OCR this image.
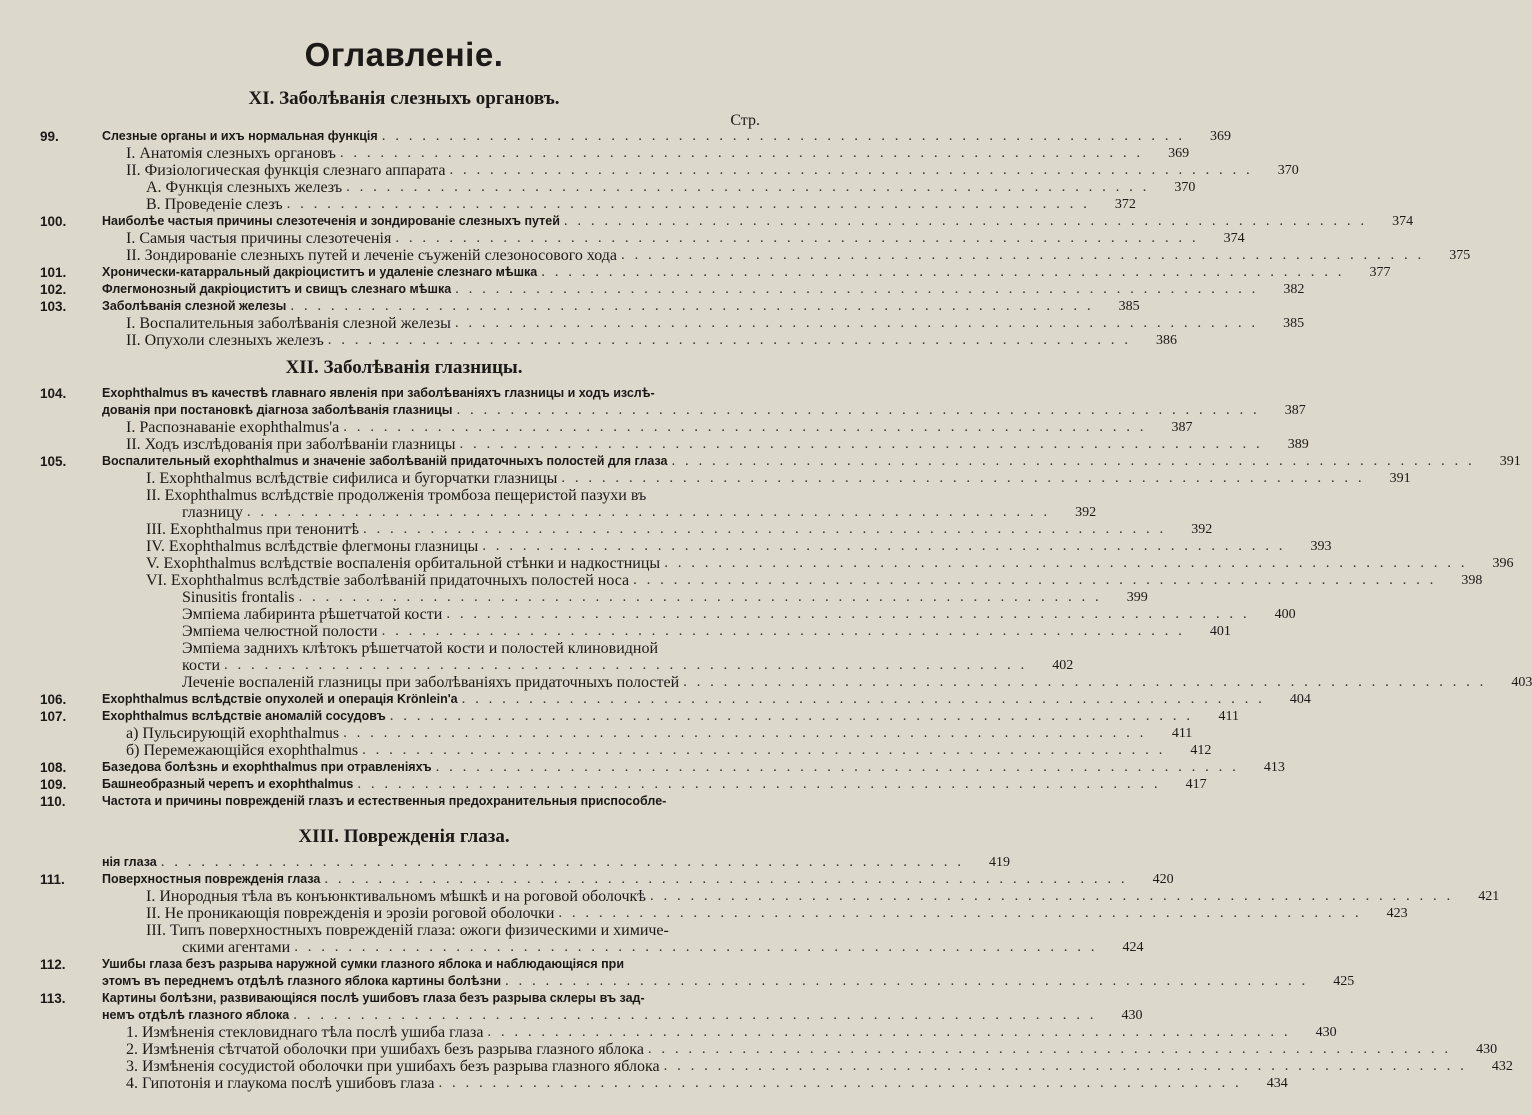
Оглавленіе.
XI. Заболѣванія слезныхъ органовъ.
Стр.
99.	Слезные органы и ихъ нормальная функція . . .	369
I. Анатомія слезныхъ органовъ . . .	369
II. Физіологическая функція слезнаго аппарата . . .	370
А. Функція слезныхъ железъ . . .	370
В. Проведеніе слезъ . . .	372
100.	Наиболѣе частыя причины слезотеченія и зондированіе слезныхъ путей . . .	374
I. Самыя частыя причины слезотеченія . . .	374
II. Зондированіе слезныхъ путей и леченіе съуженій слезоносового хода . . .	375
101.	Хронически-катарральный дакріоциститъ и удаленіе слезнаго мѣшка . . .	377
102.	Флегмонозный дакріоциститъ и свищъ слезнаго мѣшка . . .	382
103.	Заболѣванія слезной железы . . .	385
I. Воспалительныя заболѣванія слезной железы . . .	385
II. Опухоли слезныхъ железъ . . .	386
XII. Заболѣванія глазницы.
104.	Exophthalmus въ качествѣ главнаго явленія при заболѣваніяхъ глазницы и ходъ изслѣ-
дованія при постановкѣ діагноза заболѣванія глазницы . . .	387
I. Распознаваніе exophthalmus'a . . .	387
II. Ходъ изслѣдованія при заболѣваніи глазницы . . .	389
105.	Воспалительный exophthalmus и значеніе заболѣваній придаточныхъ полостей для глаза . . .	391
I. Exophthalmus вслѣдствіе сифилиса и бугорчатки глазницы . . .	391
II. Exophthalmus вслѣдствіе продолженія тромбоза пещеристой пазухи въ
глазницу . . .	392
III. Exophthalmus при тенонитѣ . . .	392
IV. Exophthalmus вслѣдствіе флегмоны глазницы . . .	393
V. Exophthalmus вслѣдствіе воспаленія орбитальной стѣнки и надкостницы . . .	396
VI. Exophthalmus вслѣдствіе заболѣваній придаточныхъ полостей носа . . .	398
Sinusitis frontalis . . .	399
Эмпіема лабиринта рѣшетчатой кости . . .	400
Эмпіема челюстной полости . . .	401
Эмпіема заднихъ клѣтокъ рѣшетчатой кости и полостей клиновидной
кости . . .	402
Леченіе воспаленій глазницы при заболѣваніяхъ придаточныхъ полостей . . .	403
106.	Exophthalmus вслѣдствіе опухолей и операція Krönlein'a . . .	404
107.	Exophthalmus вслѣдствіе аномалій сосудовъ . . .	411
а) Пульсирующій exophthalmus . . .	411
б) Перемежающійся exophthalmus . . .	412
108.	Базедова болѣзнь и exophthalmus при отравленіяхъ . . .	413
109.	Башнеобразный черепъ и exophthalmus . . .	417
110.	Частота и причины поврежденій глазъ и естественныя предохранительныя приспособле-
XIII. Поврежденія глаза.
нія глаза . . .	419
111.	Поверхностныя поврежденія глаза . . .	420
I. Инородныя тѣла въ конъюнктивальномъ мѣшкѣ и на роговой оболочкѣ . . .	421
II. Не проникающія поврежденія и эрозіи роговой оболочки . . .	423
III. Типъ поверхностныхъ поврежденій глаза: ожоги физическими и химиче-
скими агентами . . .	424
112.	Ушибы глаза безъ разрыва наружной сумки глазного яблока и наблюдающіяся при
этомъ въ переднемъ отдѣлѣ глазного яблока картины болѣзни . . .	425
113.	Картины болѣзни, развивающіяся послѣ ушибовъ глаза безъ разрыва склеры въ зад-
немъ отдѣлѣ глазного яблока . . .	430
1. Измѣненія стекловиднаго тѣла послѣ ушиба глаза . . .	430
2. Измѣненія сѣтчатой оболочки при ушибахъ безъ разрыва глазного яблока . . .	430
3. Измѣненія сосудистой оболочки при ушибахъ безъ разрыва глазного яблока . . .	432
4. Гипотонія и глаукома послѣ ушибовъ глаза . . .	434
